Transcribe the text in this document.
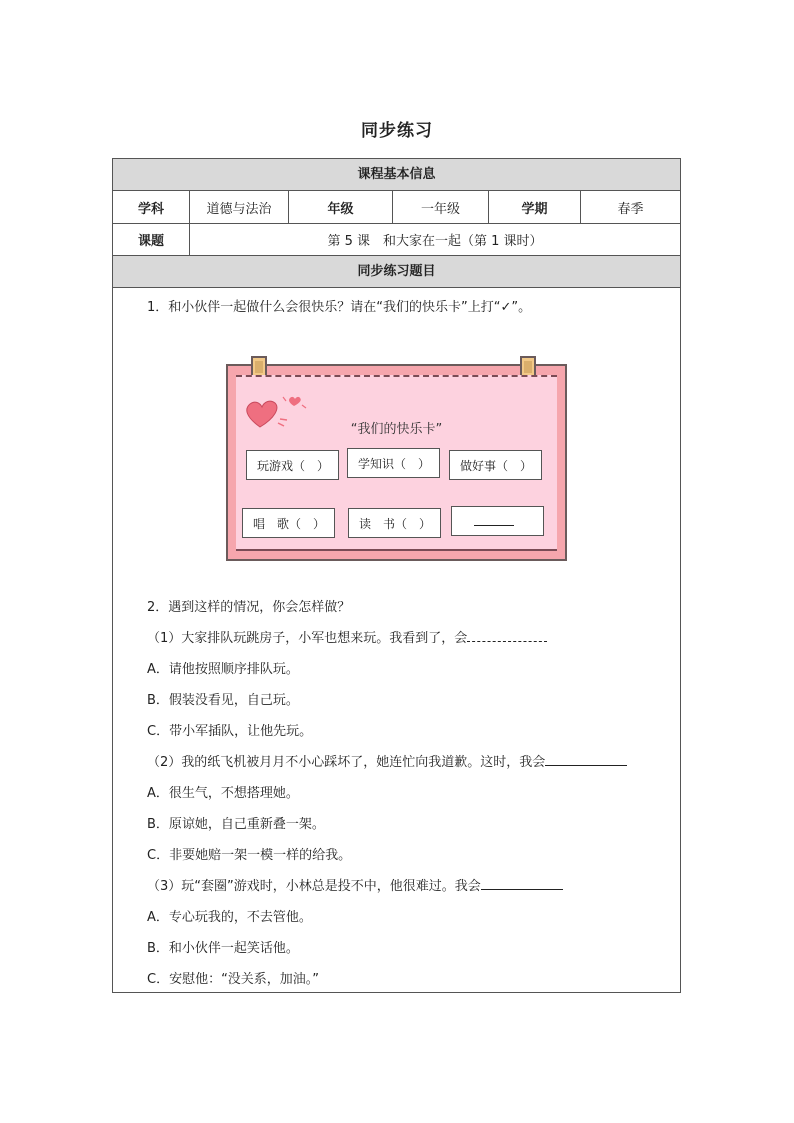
同步练习
课程基本信息
学科	道德与法治	年级	一年级	学期	春季
课题	第 5 课　和大家在一起（第 1 课时）
同步练习题目
1．和小伙伴一起做什么会很快乐？请在“我们的快乐卡”上打“✓”。
“我们的快乐卡”
玩游戏（　）	学知识（　）	做好事（　）
唱　歌（　）	读　书（　）
2．遇到这样的情况，你会怎样做？
（1）大家排队玩跳房子，小军也想来玩。我看到了，会
A．请他按照顺序排队玩。
B．假装没看见，自己玩。
C．带小军插队，让他先玩。
（2）我的纸飞机被月月不小心踩坏了，她连忙向我道歉。这时，我会
A．很生气，不想搭理她。
B．原谅她，自己重新叠一架。
C．非要她赔一架一模一样的给我。
（3）玩“套圈”游戏时，小林总是投不中，他很难过。我会
A．专心玩我的，不去管他。
B．和小伙伴一起笑话他。
C．安慰他：“没关系，加油。”
